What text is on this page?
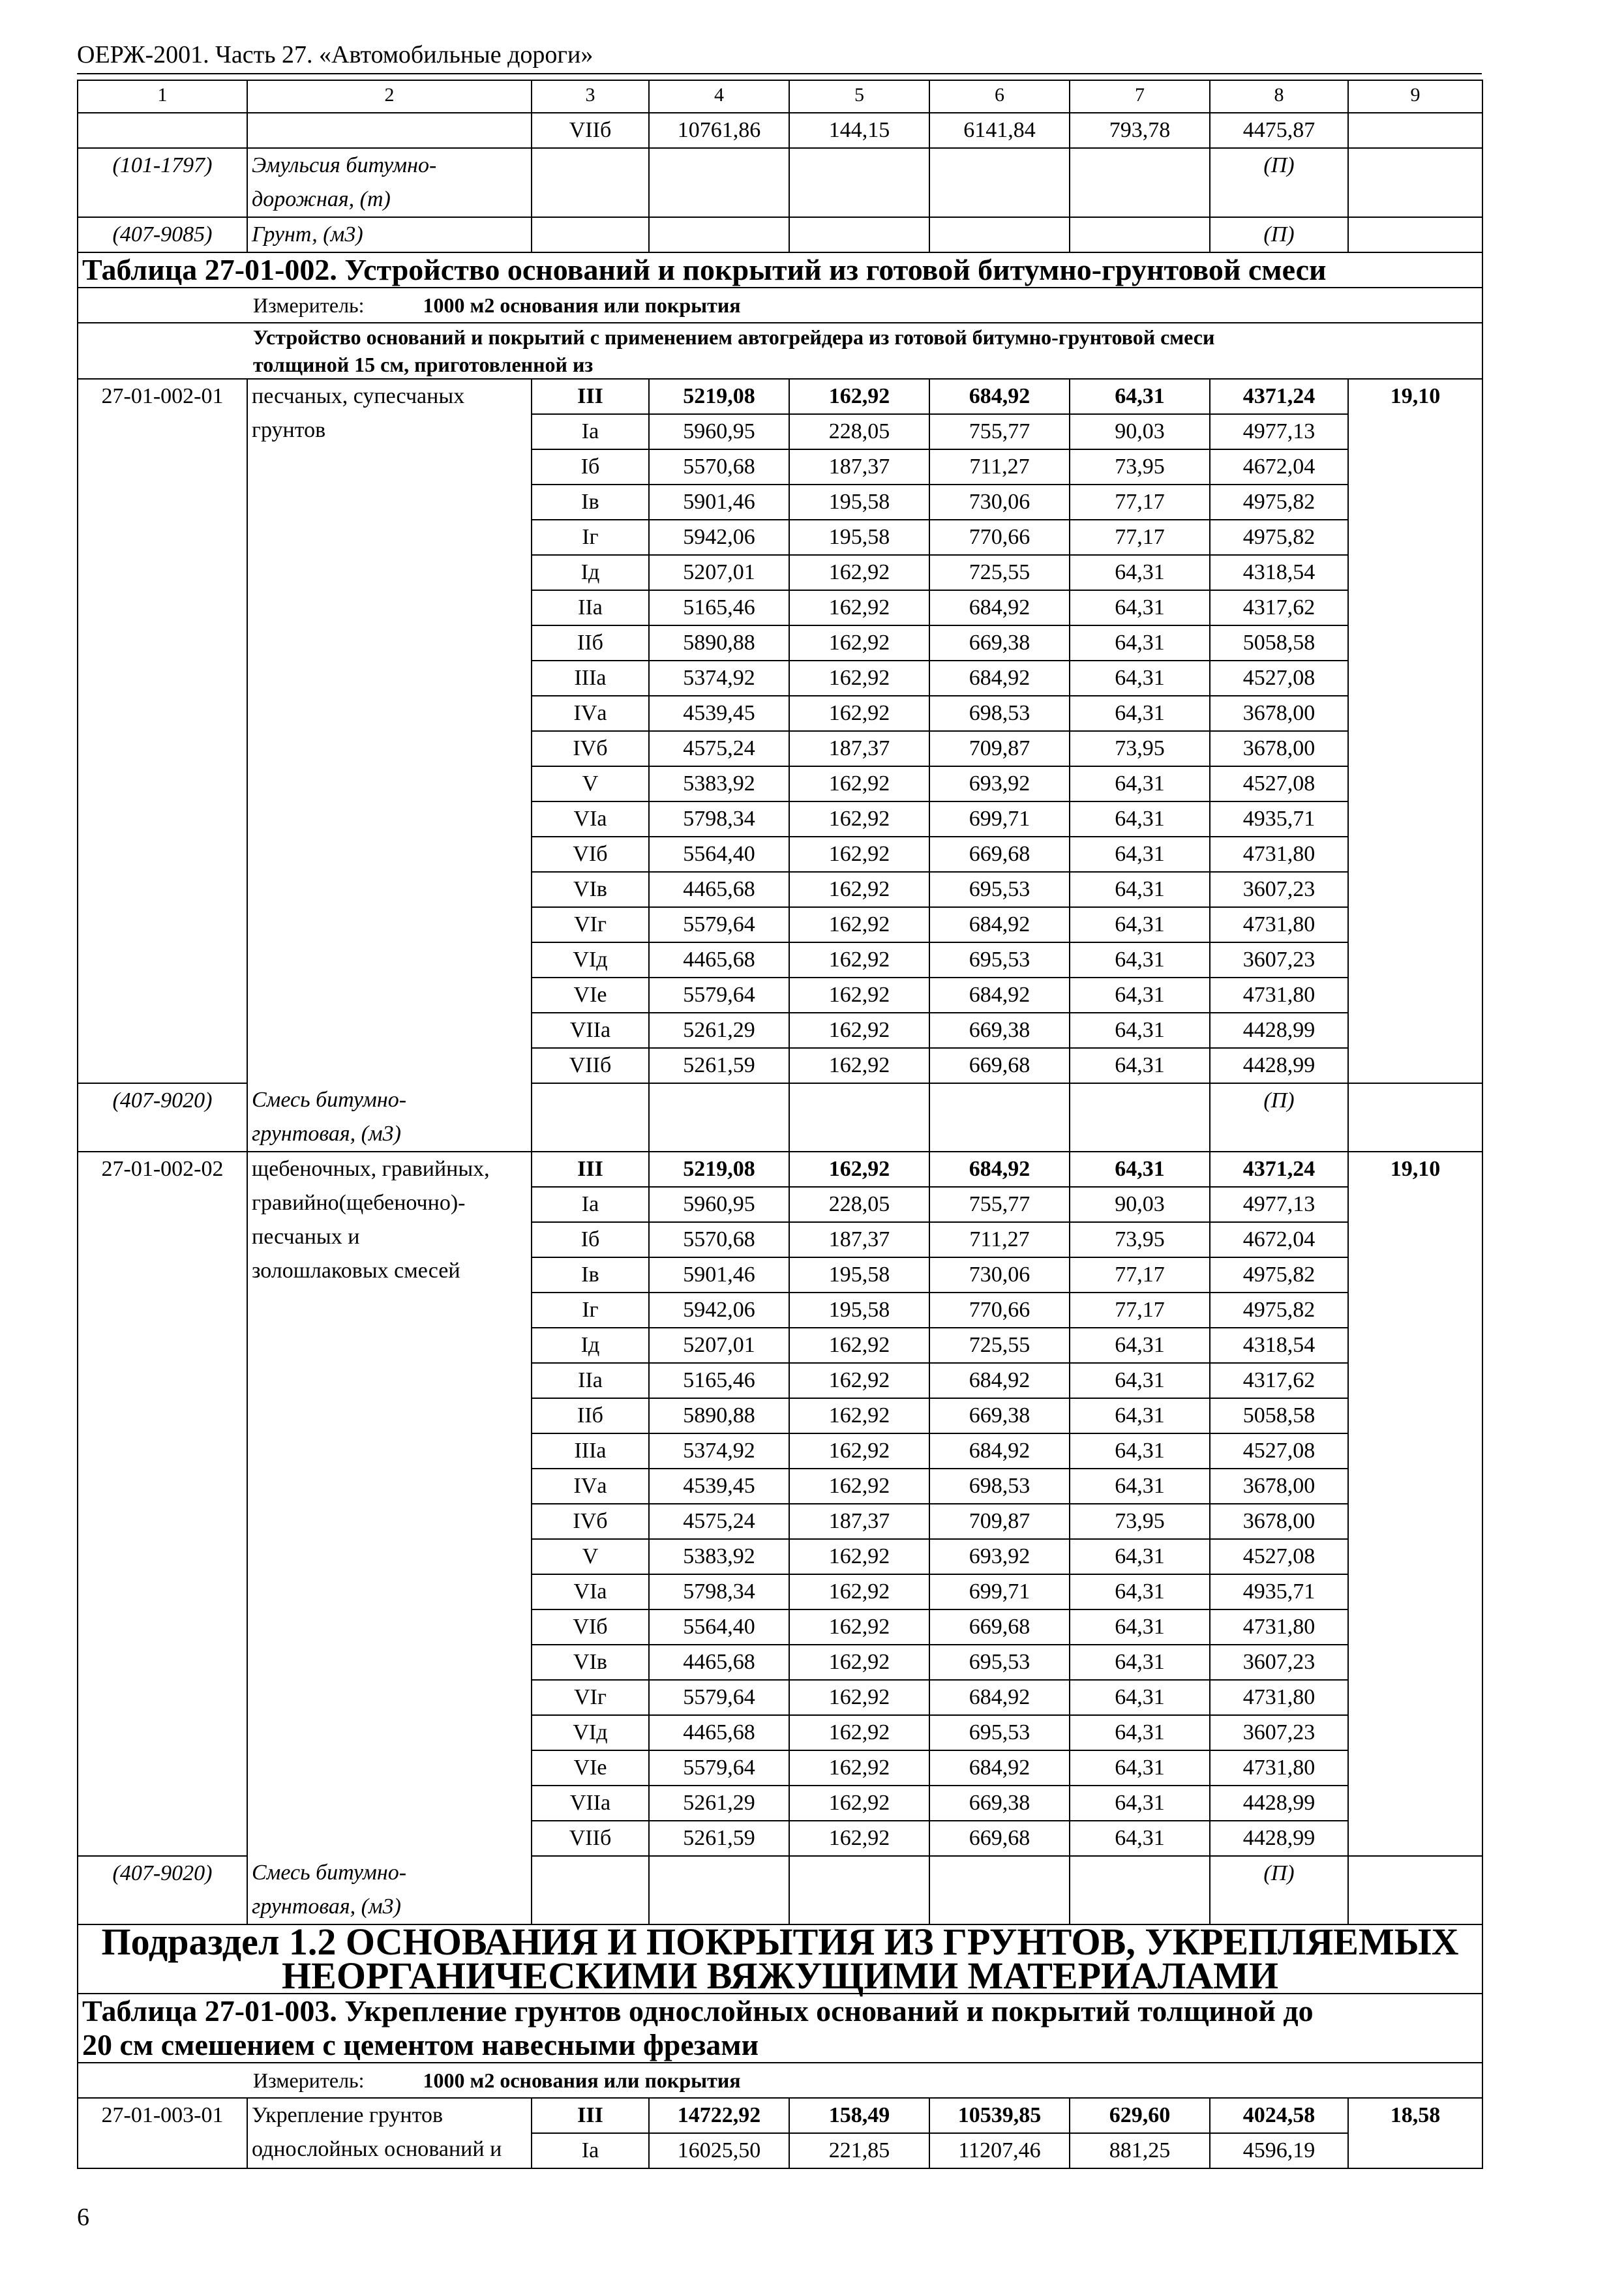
ОЕРЖ-2001. Часть 27. «Автомобильные дороги»
1	2	3	4	5	6	7	8	9
		VIIб	10761,86	144,15	6141,84	793,78	4475,87	
(101-1797)	Эмульсия битумно-
дорожная, (т)						(П)	
(407-9085)	Грунт, (м3)						(П)	
Таблица 27-01-002. Устройство оснований и покрытий из готовой битумно-грунтовой смеси								
Измеритель: 1000 м2 основания или покрытия								

Устройство оснований и покрытий с применением автогрейдера из готовой битумно-грунтовой смеси
толщиной 15 см, приготовленной из								

27-01-002-01	песчаных, супесчаных
грунтов	III	5219,08	162,92	684,92	64,31	4371,24	19,10
		Iа	5960,95	228,05	755,77	90,03	4977,13	
		Iб	5570,68	187,37	711,27	73,95	4672,04	
		Iв	5901,46	195,58	730,06	77,17	4975,82	
		Iг	5942,06	195,58	770,66	77,17	4975,82	
		Iд	5207,01	162,92	725,55	64,31	4318,54	
		IIа	5165,46	162,92	684,92	64,31	4317,62	
		IIб	5890,88	162,92	669,38	64,31	5058,58	
		IIIа	5374,92	162,92	684,92	64,31	4527,08	
		IVа	4539,45	162,92	698,53	64,31	3678,00	
		IVб	4575,24	187,37	709,87	73,95	3678,00	
		V	5383,92	162,92	693,92	64,31	4527,08	
		VIа	5798,34	162,92	699,71	64,31	4935,71	
		VIб	5564,40	162,92	669,68	64,31	4731,80	
		VIв	4465,68	162,92	695,53	64,31	3607,23	
		VIг	5579,64	162,92	684,92	64,31	4731,80	
		VIд	4465,68	162,92	695,53	64,31	3607,23	
		VIе	5579,64	162,92	684,92	64,31	4731,80	
		VIIа	5261,29	162,92	669,38	64,31	4428,99	
		VIIб	5261,59	162,92	669,68	64,31	4428,99	
(407-9020)	Смесь битумно-
грунтовая, (м3)						(П)	
27-01-002-02	щебеночных, гравийных,
гравийно(щебеночно)-
песчаных и
золошлаковых смесей	III	5219,08	162,92	684,92	64,31	4371,24	19,10
		Iа	5960,95	228,05	755,77	90,03	4977,13	
		Iб	5570,68	187,37	711,27	73,95	4672,04	
		Iв	5901,46	195,58	730,06	77,17	4975,82	
		Iг	5942,06	195,58	770,66	77,17	4975,82	
		Iд	5207,01	162,92	725,55	64,31	4318,54	
		IIа	5165,46	162,92	684,92	64,31	4317,62	
		IIб	5890,88	162,92	669,38	64,31	5058,58	
		IIIа	5374,92	162,92	684,92	64,31	4527,08	
		IVа	4539,45	162,92	698,53	64,31	3678,00	
		IVб	4575,24	187,37	709,87	73,95	3678,00	
		V	5383,92	162,92	693,92	64,31	4527,08	
		VIа	5798,34	162,92	699,71	64,31	4935,71	
		VIб	5564,40	162,92	669,68	64,31	4731,80	
		VIв	4465,68	162,92	695,53	64,31	3607,23	
		VIг	5579,64	162,92	684,92	64,31	4731,80	
		VIд	4465,68	162,92	695,53	64,31	3607,23	
		VIе	5579,64	162,92	684,92	64,31	4731,80	
		VIIа	5261,29	162,92	669,38	64,31	4428,99	
		VIIб	5261,59	162,92	669,68	64,31	4428,99	
(407-9020)	Смесь битумно-
грунтовая, (м3)						(П)	

Подраздел 1.2 ОСНОВАНИЯ И ПОКРЫТИЯ ИЗ ГРУНТОВ, УКРЕПЛЯЕМЫХ
НЕОРГАНИЧЕСКИМИ ВЯЖУЩИМИ МАТЕРИАЛАМИ								

Таблица 27-01-003. Укрепление грунтов однослойных оснований и покрытий толщиной до
20 см смешением с цементом навесными фрезами								

Измеритель: 1000 м2 основания или покрытия								
27-01-003-01	Укрепление грунтов
однослойных оснований и	III	14722,92	158,49	10539,85	629,60	4024,58	18,58
		Iа	16025,50	221,85	11207,46	881,25	4596,19	
6
